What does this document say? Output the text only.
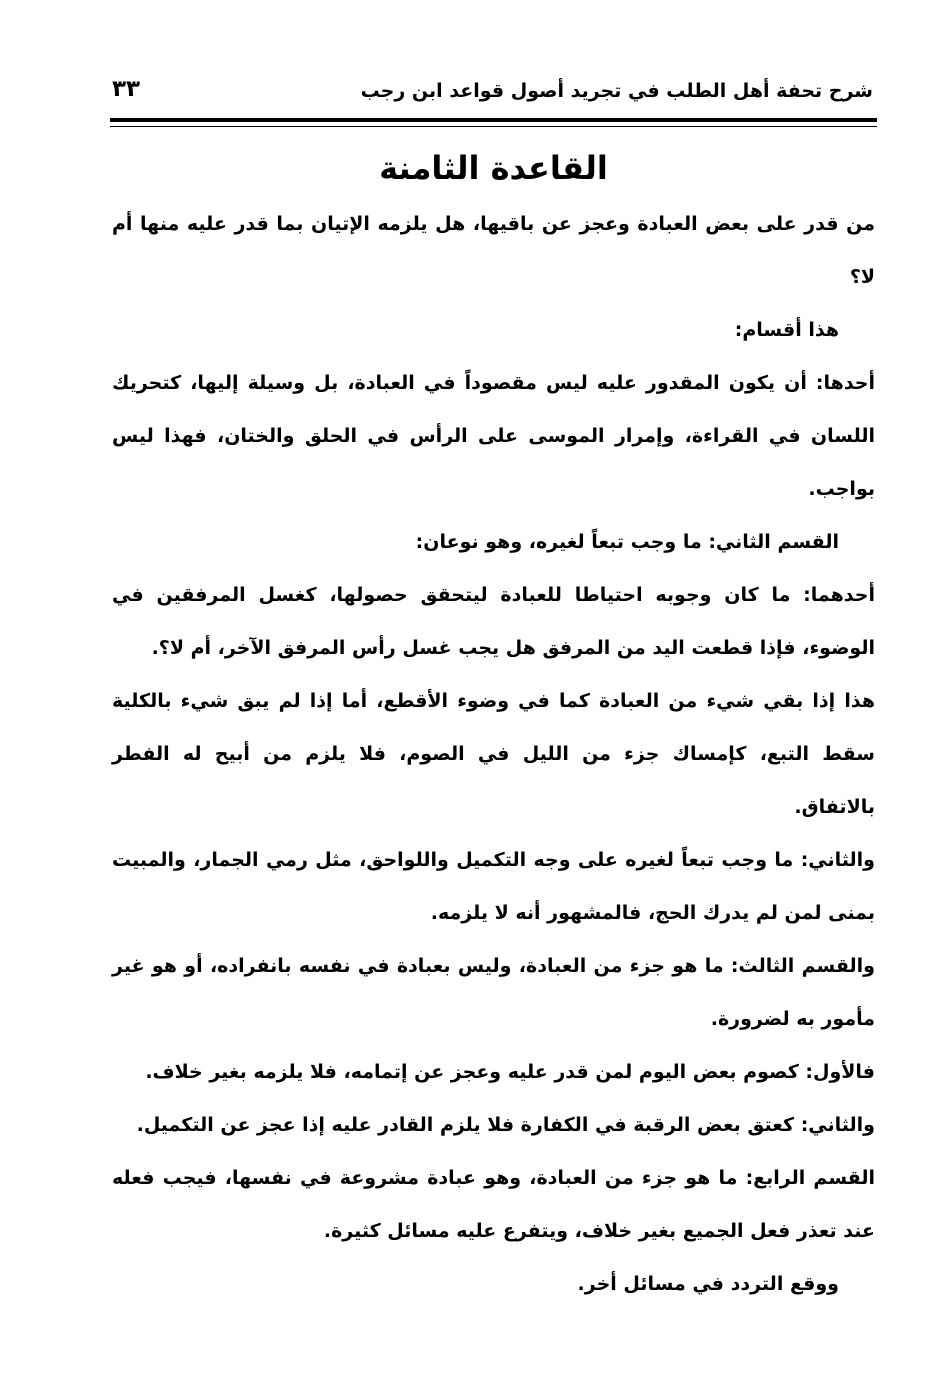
شرح تحفة أهل الطلب في تجريد أصول قواعد ابن رجب
٣٣
القاعدة الثامنة

من قدر على بعض العبادة وعجز عن باقيها، هل يلزمه الإتيان بما قدر عليه منها أم لا؟

هذا أقسام:

أحدها: أن يكون المقدور عليه ليس مقصوداً في العبادة، بل وسيلة إليها، كتحريك اللسان في القراءة، وإمرار الموسى على الرأس في الحلق والختان، فهذا ليس بواجب.

القسم الثاني: ما وجب تبعاً لغيره، وهو نوعان:

أحدهما: ما كان وجوبه احتياطا للعبادة ليتحقق حصولها، كغسل المرفقين في الوضوء، فإذا قطعت اليد من المرفق هل يجب غسل رأس المرفق الآخر، أم لا؟.

هذا إذا بقي شيء من العبادة كما في وضوء الأقطع، أما إذا لم يبق شيء بالكلية سقط التبع، كإمساك جزء من الليل في الصوم، فلا يلزم من أبيح له الفطر بالاتفاق.

والثاني: ما وجب تبعاً لغيره على وجه التكميل واللواحق، مثل رمي الجمار، والمبيت بمنى لمن لم يدرك الحج، فالمشهور أنه لا يلزمه.

والقسم الثالث: ما هو جزء من العبادة، وليس بعبادة في نفسه بانفراده، أو هو غير مأمور به لضرورة.

فالأول: كصوم بعض اليوم لمن قدر عليه وعجز عن إتمامه، فلا يلزمه بغير خلاف.

والثاني: كعتق بعض الرقبة في الكفارة فلا يلزم القادر عليه إذا عجز عن التكميل.

القسم الرابع: ما هو جزء من العبادة، وهو عبادة مشروعة في نفسها، فيجب فعله عند تعذر فعل الجميع بغير خلاف، ويتفرع عليه مسائل كثيرة.

ووقع التردد في مسائل أخر.
